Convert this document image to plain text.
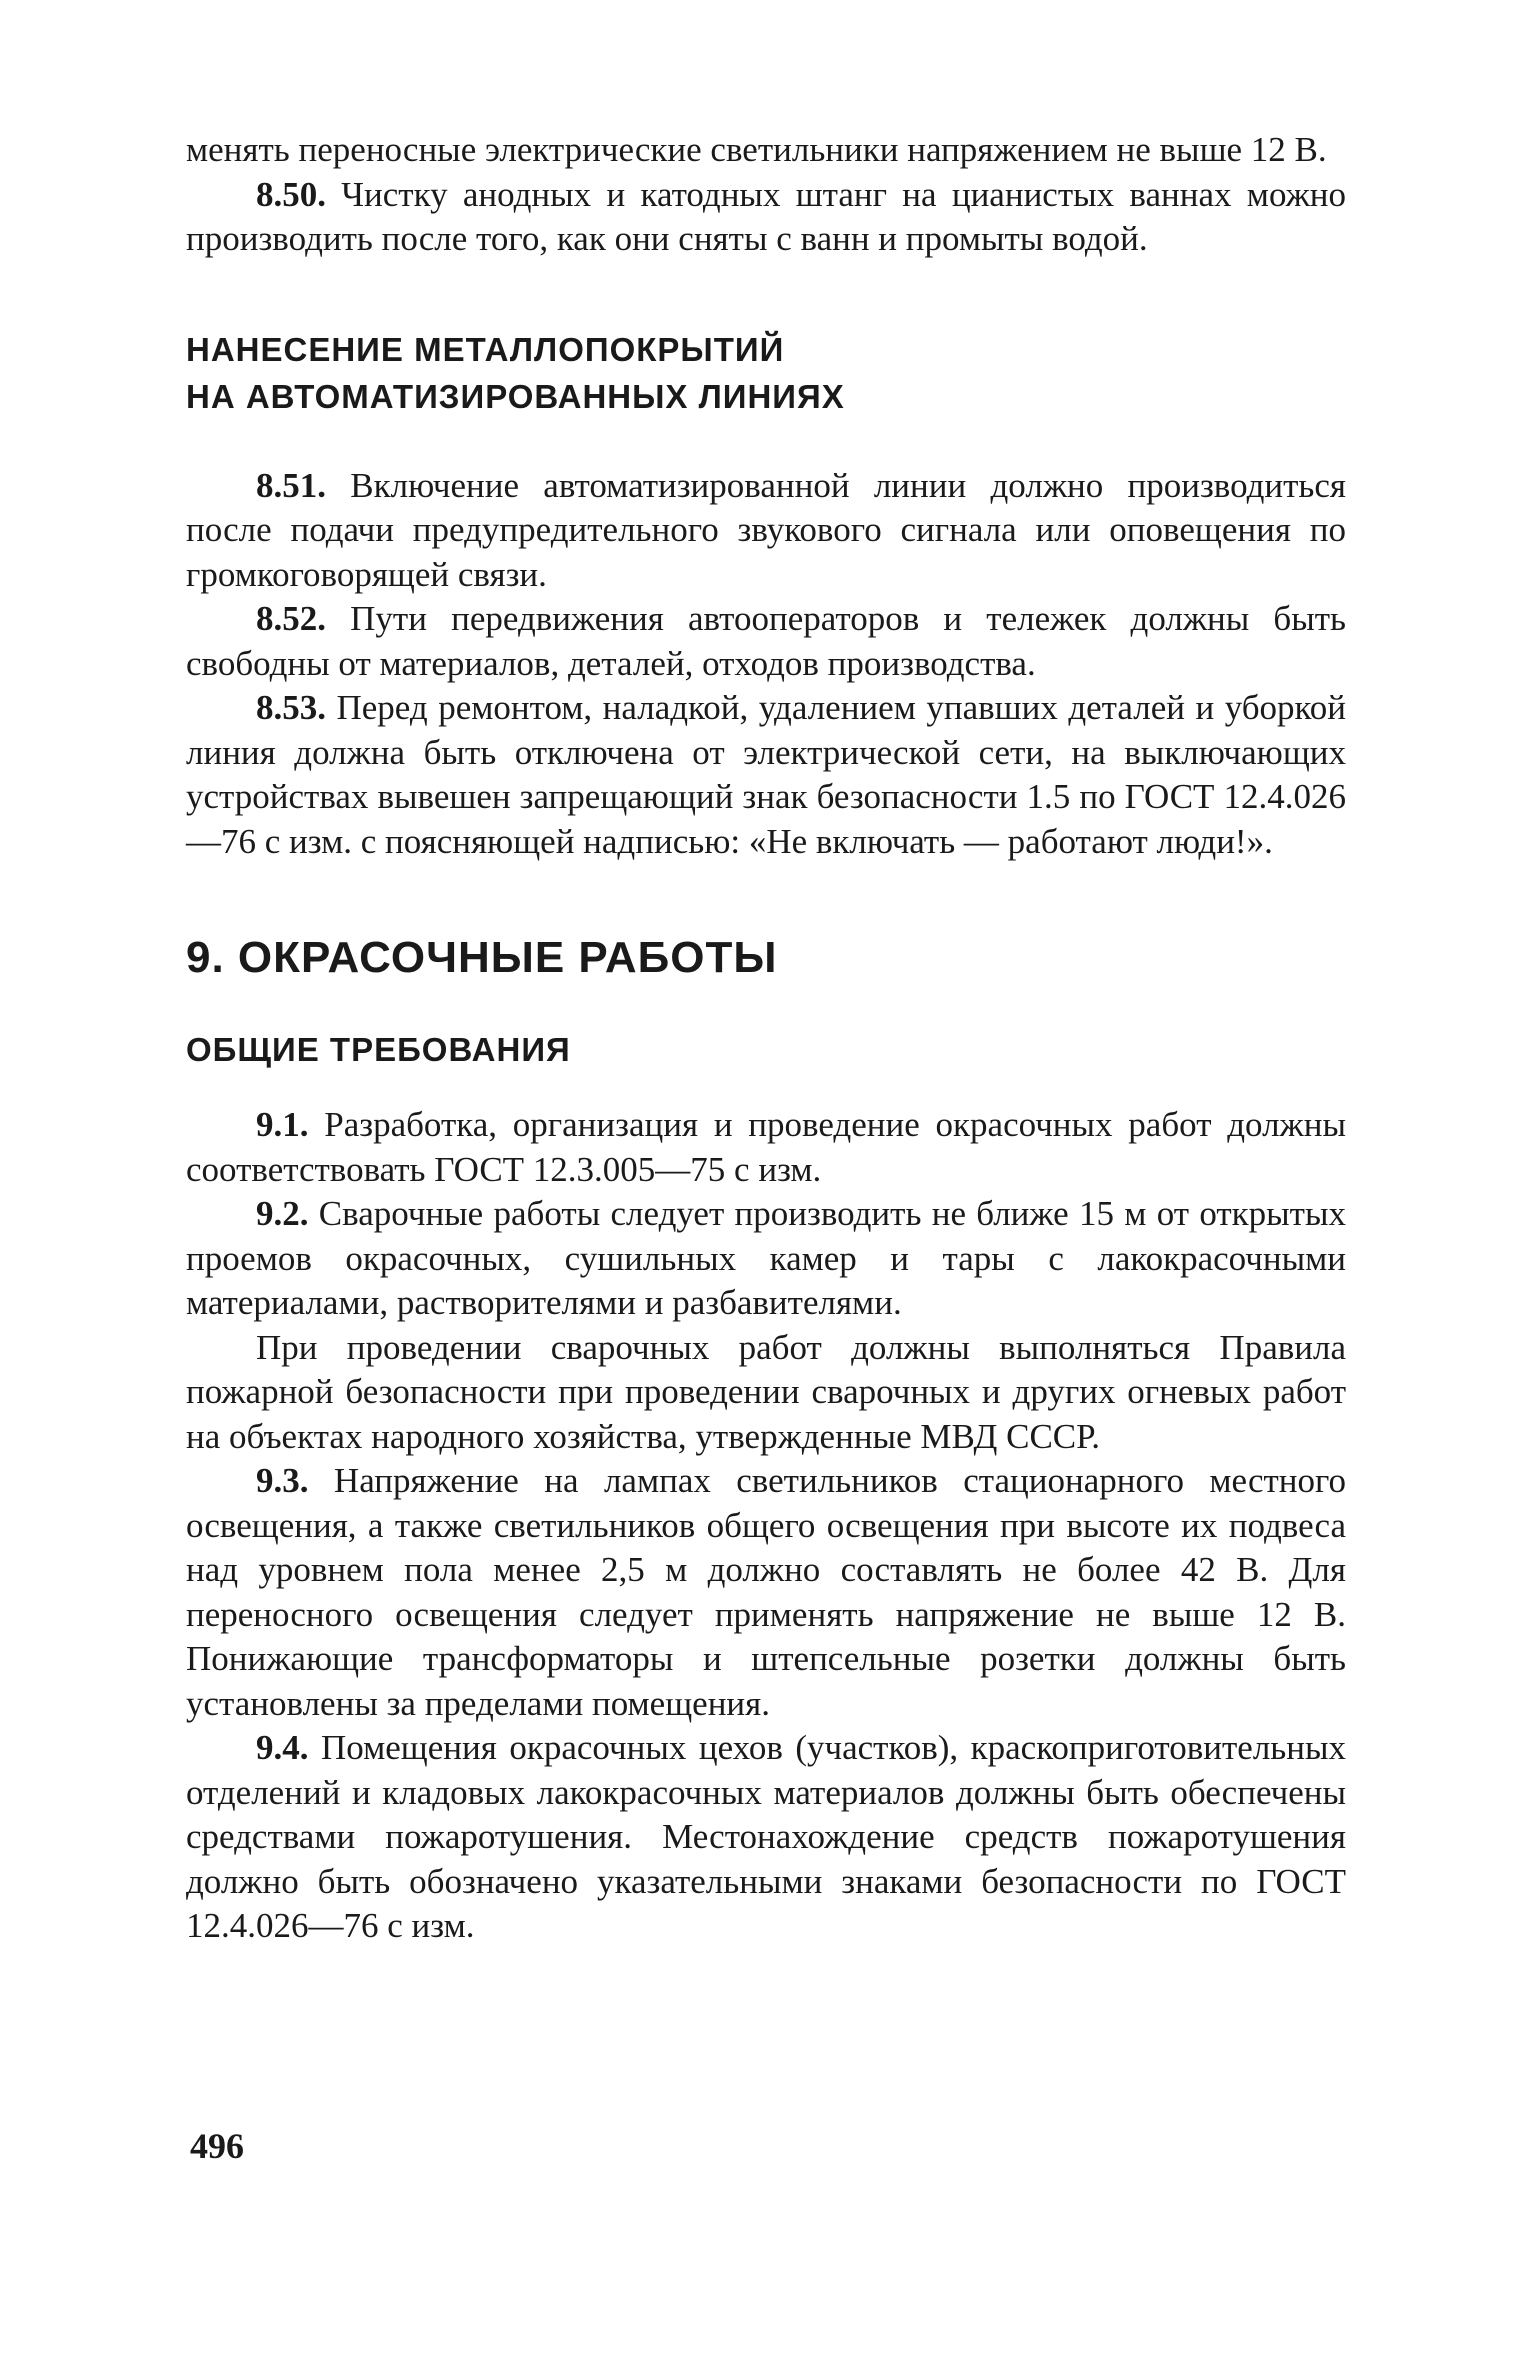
менять переносные электрические светильники напряжением не выше 12 В.

8.50. Чистку анодных и катодных штанг на цианистых ваннах можно производить после того, как они сняты с ванн и промыты водой.

НАНЕСЕНИЕ МЕТАЛЛОПОКРЫТИЙ
НА АВТОМАТИЗИРОВАННЫХ ЛИНИЯХ

8.51. Включение автоматизированной линии должно производиться после подачи предупредительного звукового сигнала или оповещения по громкоговорящей связи.

8.52. Пути передвижения автооператоров и тележек должны быть свободны от материалов, деталей, отходов производства.

8.53. Перед ремонтом, наладкой, удалением упавших деталей и уборкой линия должна быть отключена от электрической сети, на выключающих устройствах вывешен запрещающий знак безопасности 1.5 по ГОСТ 12.4.026—76 с изм. с поясняющей надписью: «Не включать — работают люди!».

9. ОКРАСОЧНЫЕ РАБОТЫ
ОБЩИЕ ТРЕБОВАНИЯ

9.1. Разработка, организация и проведение окрасочных работ должны соответствовать ГОСТ 12.3.005—75 с изм.

9.2. Сварочные работы следует производить не ближе 15 м от открытых проемов окрасочных, сушильных камер и тары с лакокрасочными материалами, растворителями и разбавителями.

При проведении сварочных работ должны выполняться Правила пожарной безопасности при проведении сварочных и других огневых работ на объектах народного хозяйства, утвержденные МВД СССР.

9.3. Напряжение на лампах светильников стационарного местного освещения, а также светильников общего освещения при высоте их подвеса над уровнем пола менее 2,5 м должно составлять не более 42 В. Для переносного освещения следует применять напряжение не выше 12 В. Понижающие трансформаторы и штепсельные розетки должны быть установлены за пределами помещения.

9.4. Помещения окрасочных цехов (участков), краскоприготовительных отделений и кладовых лакокрасочных материалов должны быть обеспечены средствами пожаротушения. Местонахождение средств пожаротушения должно быть обозначено указательными знаками безопасности по ГОСТ 12.4.026—76 с изм.

496
